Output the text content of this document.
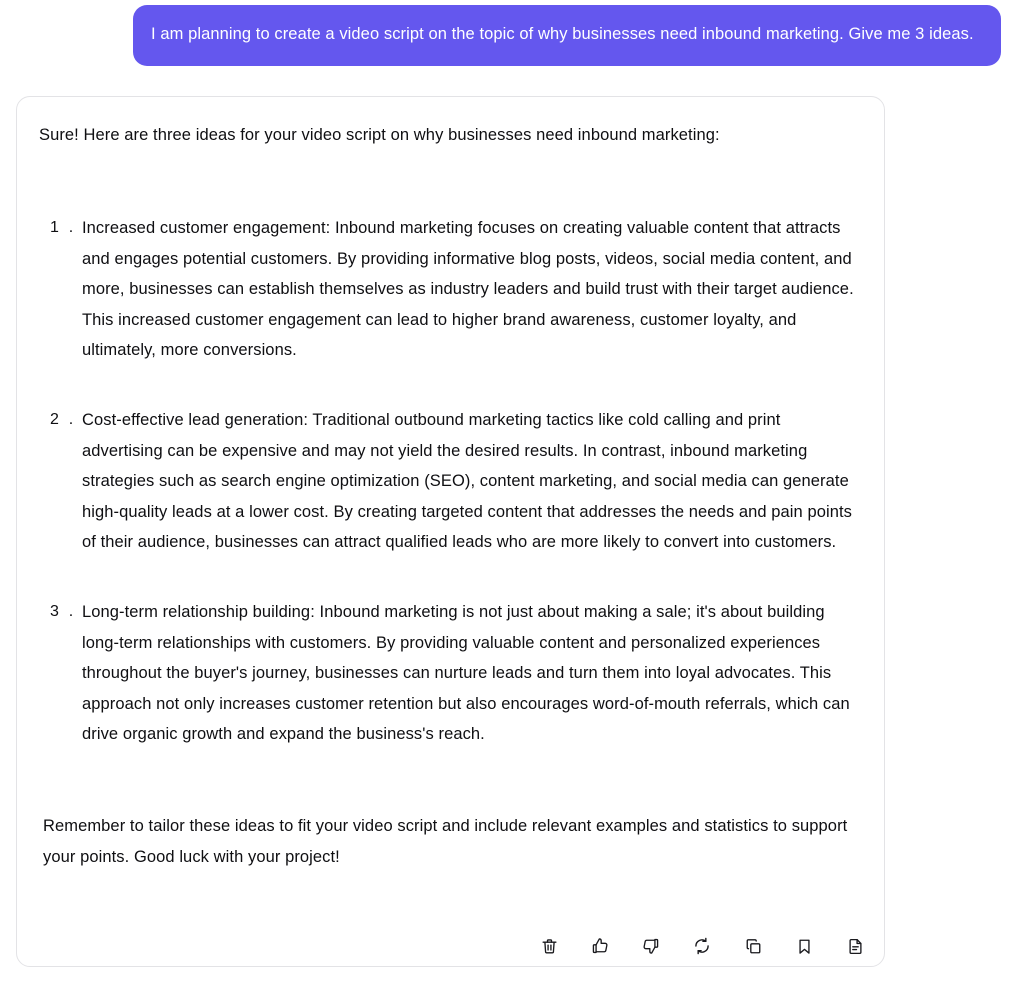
I am planning to create a video script on the topic of why businesses need inbound marketing. Give me 3 ideas.

Sure! Here are three ideas for your video script on why businesses need inbound marketing:

1 . Increased customer engagement: Inbound marketing focuses on creating valuable content that attracts and engages potential customers. By providing informative blog posts, videos, social media content, and more, businesses can establish themselves as industry leaders and build trust with their target audience. This increased customer engagement can lead to higher brand awareness, customer loyalty, and ultimately, more conversions.
2 . Cost-effective lead generation: Traditional outbound marketing tactics like cold calling and print advertising can be expensive and may not yield the desired results. In contrast, inbound marketing strategies such as search engine optimization (SEO), content marketing, and social media can generate high-quality leads at a lower cost. By creating targeted content that addresses the needs and pain points of their audience, businesses can attract qualified leads who are more likely to convert into customers.
3 . Long-term relationship building: Inbound marketing is not just about making a sale; it's about building long-term relationships with customers. By providing valuable content and personalized experiences throughout the buyer's journey, businesses can nurture leads and turn them into loyal advocates. This approach not only increases customer retention but also encourages word-of-mouth referrals, which can drive organic growth and expand the business's reach.

Remember to tailor these ideas to fit your video script and include relevant examples and statistics to support your points. Good luck with your project!
